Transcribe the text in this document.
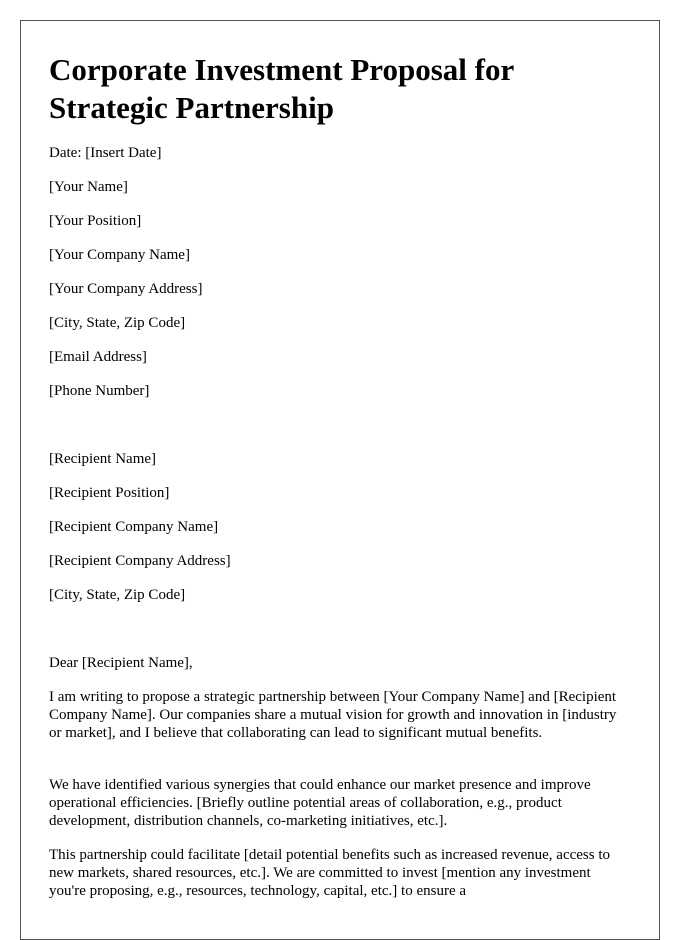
Corporate Investment Proposal for Strategic Partnership

Date: [Insert Date]

[Your Name]

[Your Position]

[Your Company Name]

[Your Company Address]

[City, State, Zip Code]

[Email Address]

[Phone Number]

[Recipient Name]

[Recipient Position]

[Recipient Company Name]

[Recipient Company Address]

[City, State, Zip Code]

Dear [Recipient Name],

I am writing to propose a strategic partnership between [Your Company Name] and [Recipient Company Name]. Our companies share a mutual vision for growth and innovation in [industry or market], and I believe that collaborating can lead to significant mutual benefits.

We have identified various synergies that could enhance our market presence and improve operational efficiencies. [Briefly outline potential areas of collaboration, e.g., product development, distribution channels, co-marketing initiatives, etc.].

This partnership could facilitate [detail potential benefits such as increased revenue, access to new markets, shared resources, etc.]. We are committed to invest [mention any investment you're proposing, e.g., resources, technology, capital, etc.] to ensure a
